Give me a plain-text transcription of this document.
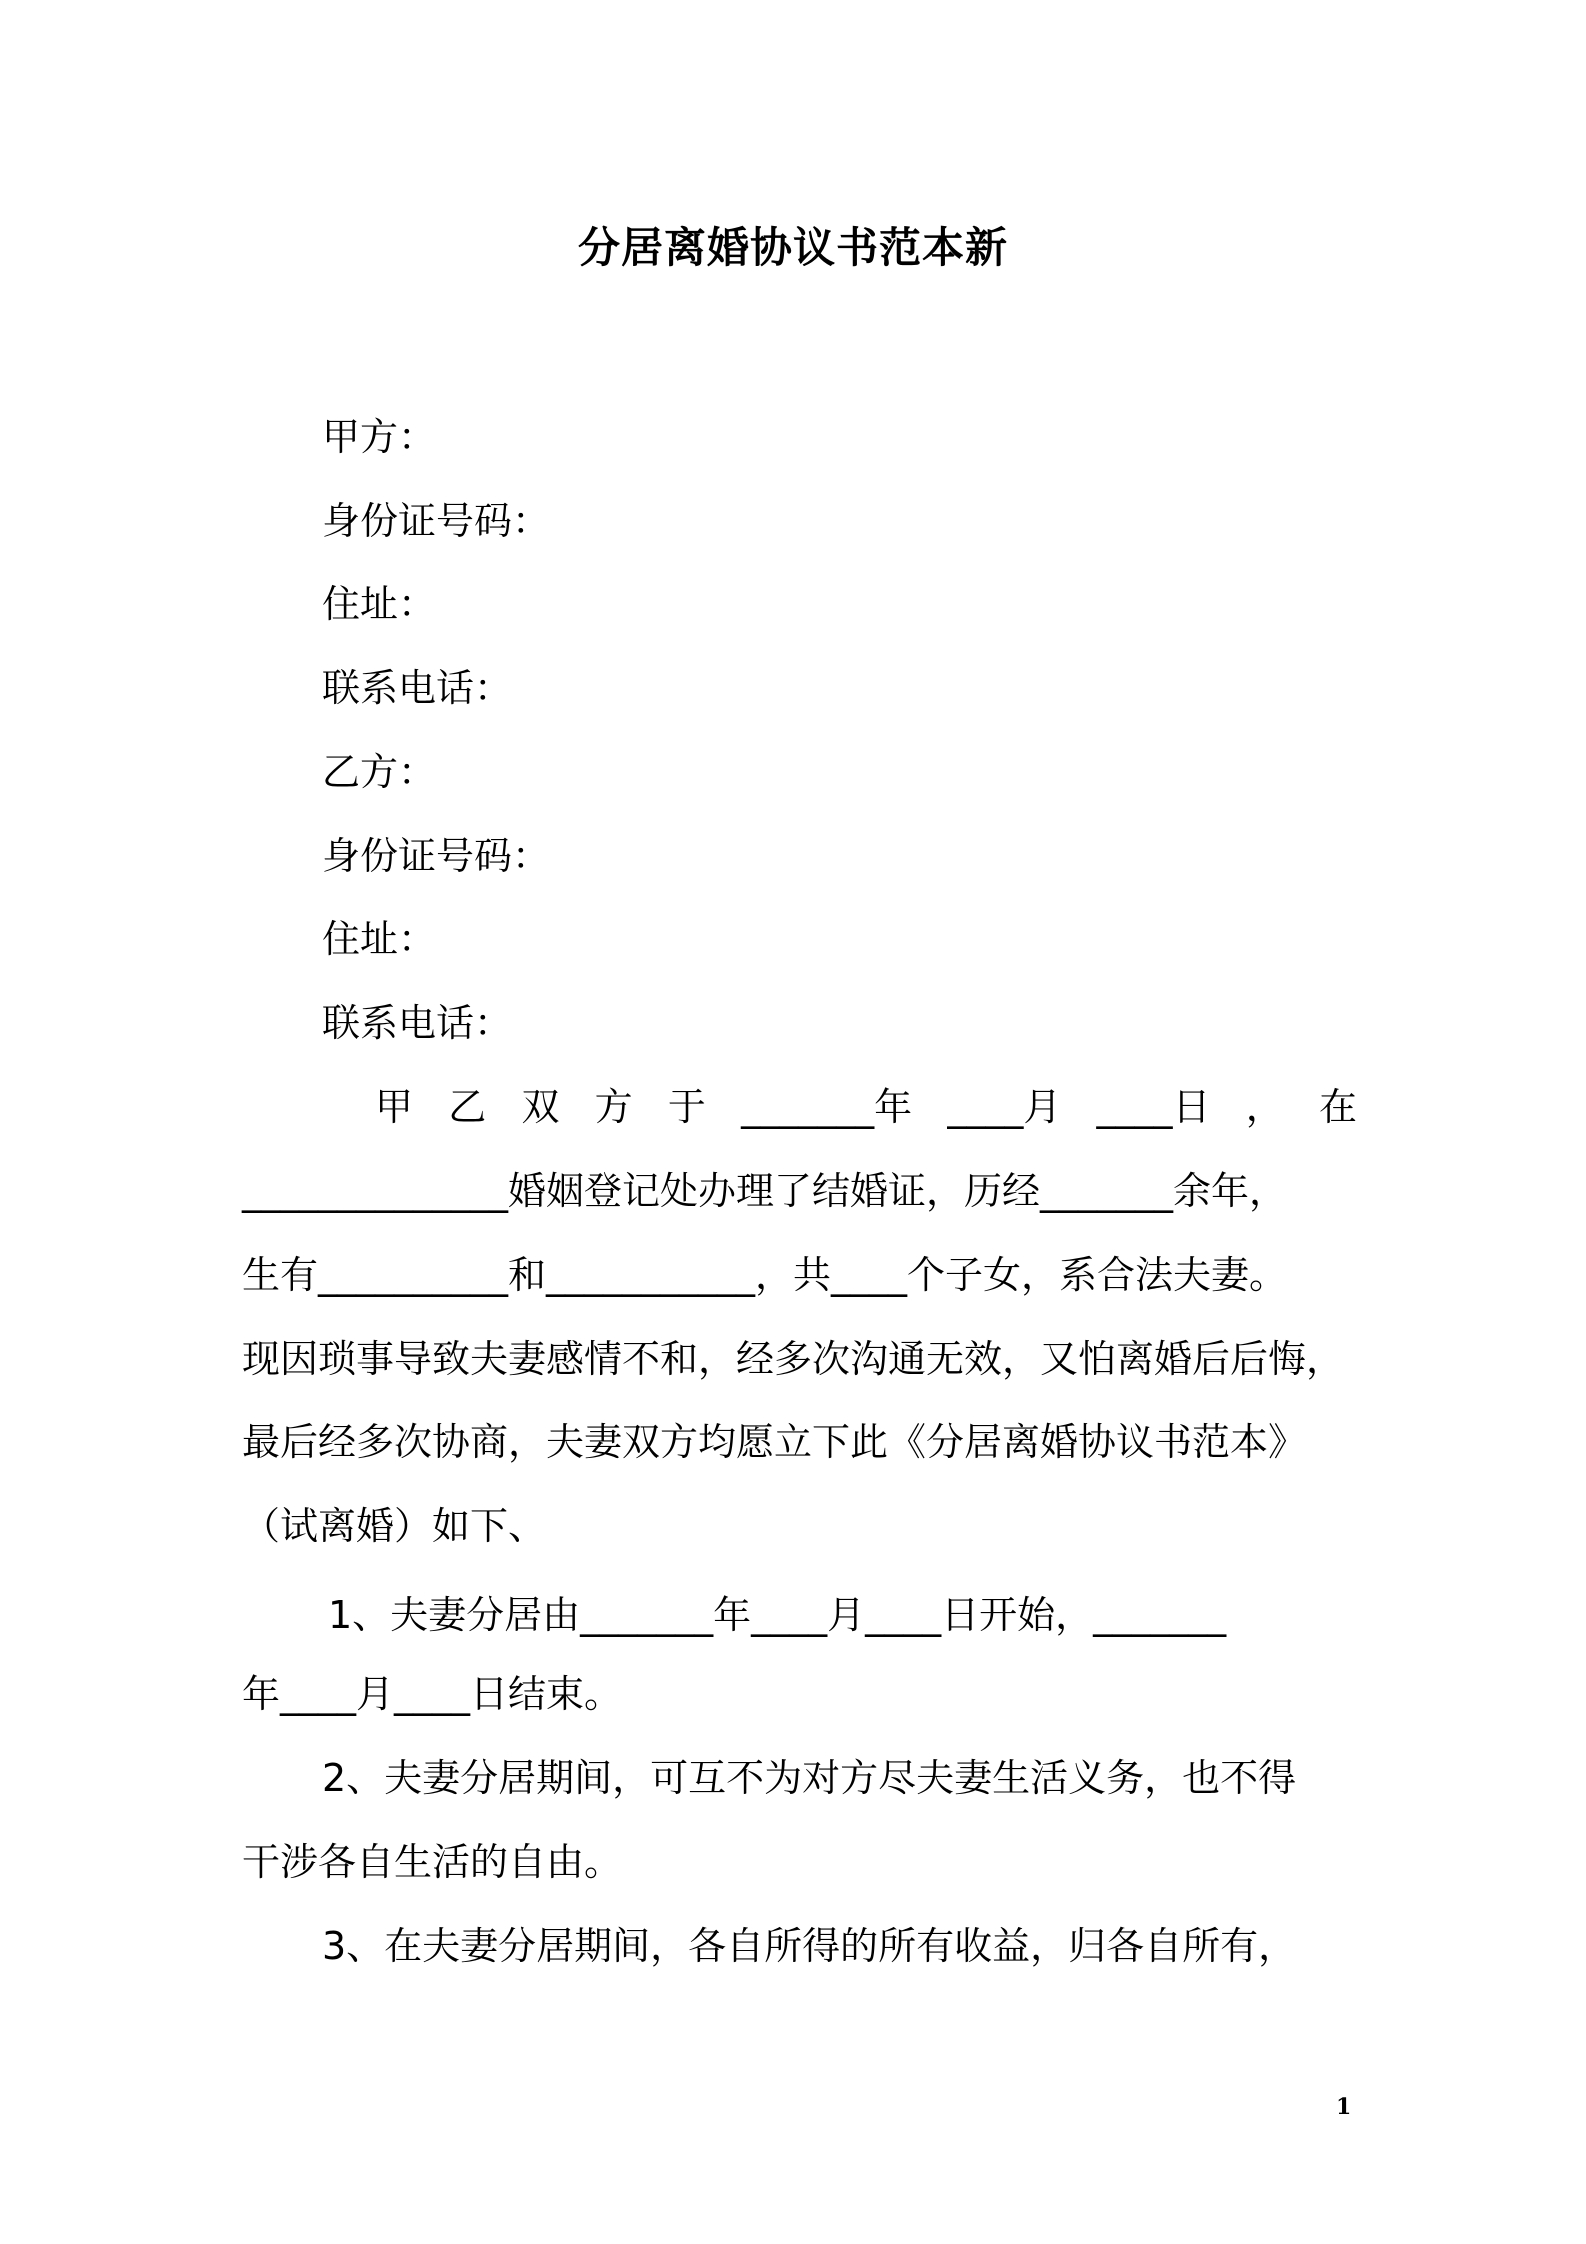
分居离婚协议书范本新
甲方：
身份证号码：
住址：
联系电话：
乙方：
身份证号码：
住址：
联系电话：
甲 乙 双 方 于 _______年 ____月 ____日 ， 在
______________婚姻登记处办理了结婚证，历经_______余年，
生有__________和___________，共____个子女，系合法夫妻。
现因琐事导致夫妻感情不和，经多次沟通无效，又怕离婚后后悔，
最后经多次协商，夫妻双方均愿立下此《分居离婚协议书范本》
（试离婚）如下、
1、夫妻分居由_______年____月____日开始，_______
年____月____日结束。
2、夫妻分居期间，可互不为对方尽夫妻生活义务，也不得
干涉各自生活的自由。
3、在夫妻分居期间，各自所得的所有收益，归各自所有，
1
